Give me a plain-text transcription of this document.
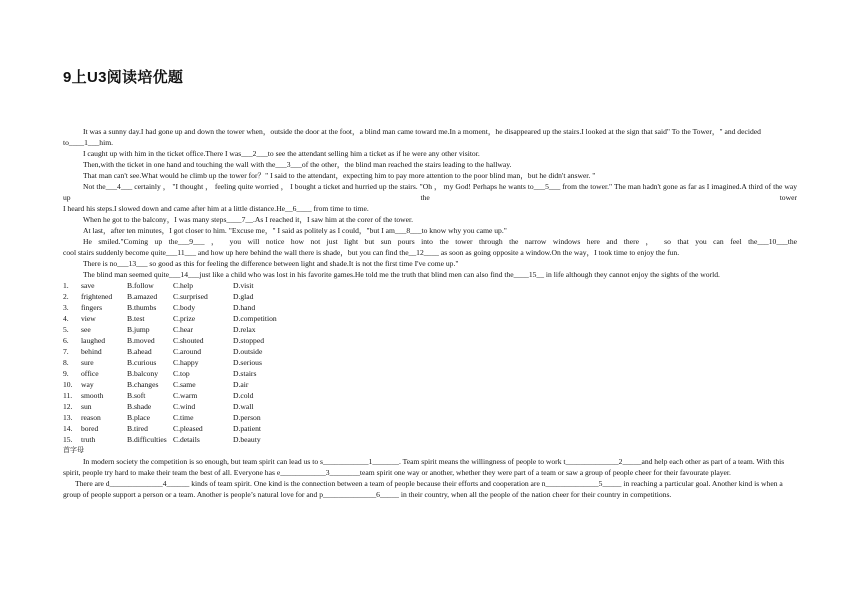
9上U3阅读培优题

It was a sunny day.I had gone up and down the tower when，outside the door at the foot，a blind man came toward me.In a moment，he disappeared up the stairs.I looked at the sign that said" To the Tower，" and decided to____1___him.

I caught up with him in the ticket office.There I was___2___to see the attendant selling him a ticket as if he were any other visitor.

Then,with the ticket in one hand and touching the wall with the___3___of the other，the blind man reached the stairs leading to the hallway.

That man can't see.What would he climb up the tower for？" I said to the attendant，expecting him to pay more attention to the poor blind man，but he didn't answer. "

Not the___4___ certainly ， "I thought ， feeling quite worried ， I bought a ticket and hurried up the stairs. "Oh ， my God! Perhaps he wants to___5___ from the tower." The man hadn't gone as far as I imagined.A third of the way up the tower

I heard his steps.I slowed down and came after him at a little distance.He__6____ from time to time.

When he got to the balcony，I was many steps____7__.As I reached it，I saw him at the corer of the tower.

At last，after ten minutes，I got closer to him. "Excuse me，" I said as politely as I could，"but I am___8___to know why you came up."

He smiled."Coming up the___9___ ， you will notice how not just light but sun pours into the tower through the narrow windows here and there ， so that you can feel the___10___the

cool stairs suddenly become quite___11___ and how up here behind the wall there is shade，but you can find the__12____ as soon as going opposite a window.On the way，I took time to enjoy the fun.

There is no___13___ so good as this for feeling the difference between light and shade.It is not the first time I've come up."

The blind man seemed quite___14___just like a child who was lost in his favorite games.He told me the truth that blind men can also find the____15__ in life although they cannot enjoy the sights of the world.

1.	save	B.follow	C.help	D.visit
2.	frightened	B.amazed	C.surprised	D.glad
3.	fingers	B.thumbs	C.body	D.hand
4.	view	B.test	C.prize	D.competition
5.	see	B.jump	C.hear	D.relax
6.	laughed	B.moved	C.shouted	D.stopped
7.	behind	B.ahead	C.around	D.outside
8.	sure	B.curious	C.happy	D.serious
9.	office	B.balcony	C.top	D.stairs
10.	way	B.changes	C.same	D.air
11.	smooth	B.soft	C.warm	D.cold
12.	sun	B.shade	C.wind	D.wall
13.	reason	B.place	C.time	D.person
14.	bored	B.tired	C.pleased	D.patient
15.	truth	B.difficulties C.details	D.beauty

首字母

In modern society the competition is so enough, but team spirit can lead us to s____________1_______. Team spirit means the willingness of people to work t______________2_____and help each other as part of a team. With this spirit, people try hard to make their team the best of all. Everyone has e____________3________team spirit one way or another, whether they were part of a team or saw a group of people cheer for their favourate player.

There are d______________4______ kinds of team spirit. One kind is the connection between a team of people because their efforts and cooperation are n______________5_____ in reaching a particular goal. Another kind is when a group of people support a person or a team. Another is people’s natural love for and p______________6_____ in their country, when all the people of the nation cheer for their country in competitions.
